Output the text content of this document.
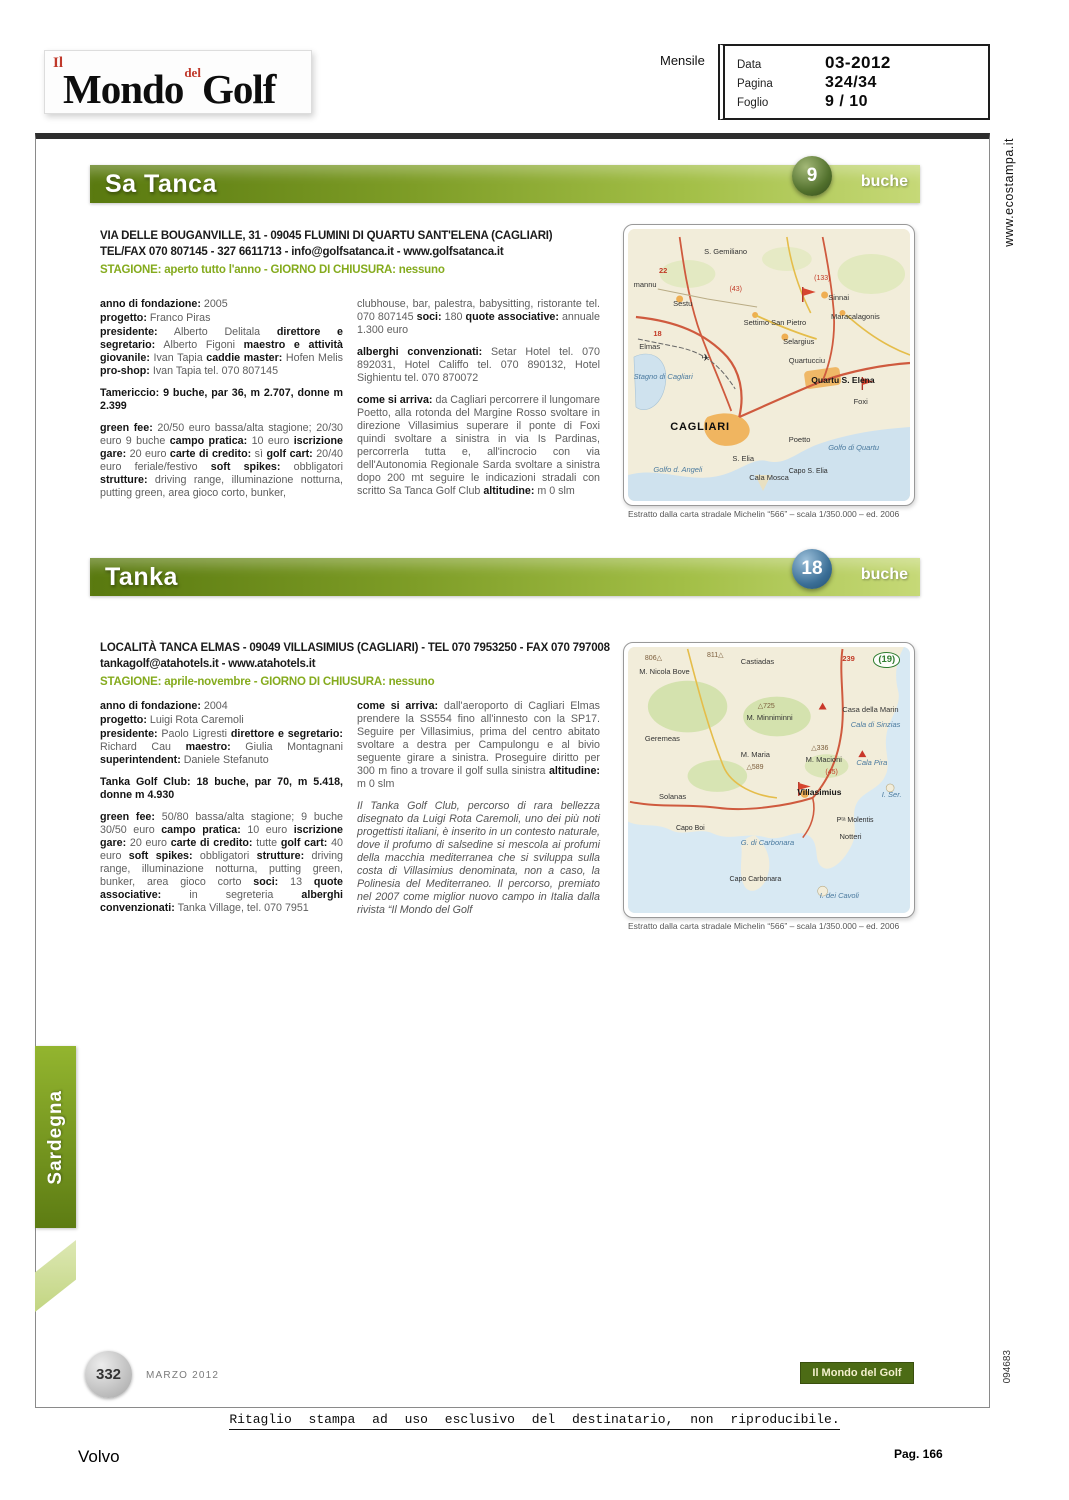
Il
Mondo del Golf
Mensile	Data	03-2012
Pagina	324/34
Foglio	9 / 10
www.ecostampa.it
094683
Sa Tanca	9	buche
VIA DELLE BOUGANVILLE, 31 - 09045 FLUMINI DI QUARTU SANT'ELENA (CAGLIARI)
TEL/FAX 070 807145 - 327 6611713 - info@golfsatanca.it - www.golfsatanca.it
STAGIONE: aperto tutto l'anno - GIORNO DI CHIUSURA: nessuno

anno di fondazione: 2005

progetto: Franco Piras

presidente: Alberto Delitala direttore e segretario: Alberto Figoni maestro e attività giovanile: Ivan Tapia caddie master: Hofen Melis pro-shop: Ivan Tapia tel. 070 807145

Tamericcio: 9 buche, par 36, m 2.707, donne m 2.399

green fee: 20/50 euro bassa/alta stagione; 20/30 euro 9 buche campo pratica: 10 euro iscrizione gare: 20 euro carte di credito: sì golf cart: 20/40 euro feriale/festivo soft spikes: obbligatori strutture: driving range, illuminazione notturna, putting green, area gioco corto, bunker,

clubhouse, bar, palestra, babysitting, ristorante tel. 070 807145 soci: 180 quote associative: annuale 1.300 euro

alberghi convenzionati: Setar Hotel tel. 070 892031, Hotel Califfo tel. 070 890132, Hotel Sighientu tel. 070 870072

come si arriva: da Cagliari percorrere il lungomare Poetto, alla rotonda del Margine Rosso svoltare in direzione Villasimius superare il ponte di Foxi quindi svoltare a sinistra in via Is Pardinas, percorrerla tutta e, all'incrocio con via dell'Autonomia Regionale Sarda svoltare a sinistra dopo 200 mt seguire le indicazioni stradali con scritto Sa Tanca Golf Club altitudine: m 0 slm

mannu
22
S. Gemiliano
(43)
Sestu
(133)
Sinnai
Maracalagonis
Settimo San Pietro
Selargius
18
Elmas
✈
Stagno di Cagliari
Quartucciu
Quartu S. Elena
Foxi
CAGLIARI
Poetto
Golfo di Quartu
S. Elia
Golfo d. Angeli
Cala Mosca
Capo S. Elia
Estratto dalla carta stradale Michelin “566” – scala 1/350.000 – ed. 2006
Tanka	18	buche
LOCALITÀ TANCA ELMAS - 09049 VILLASIMIUS (CAGLIARI) - TEL 070 7953250 - FAX 070 797008
tankagolf@atahotels.it - www.atahotels.it
STAGIONE: aprile-novembre - GIORNO DI CHIUSURA: nessuno

anno di fondazione: 2004

progetto: Luigi Rota Caremoli

presidente: Paolo Ligresti direttore e segretario: Richard Cau maestro: Giulia Montagnani superintendent: Daniele Stefanuto

Tanka Golf Club: 18 buche, par 70, m 5.418, donne m 4.930

green fee: 50/80 bassa/alta stagione; 9 buche 30/50 euro campo pratica: 10 euro iscrizione gare: 20 euro carte di credito: tutte golf cart: 40 euro soft spikes: obbligatori strutture: driving range, illuminazione notturna, putting green, bunker, area gioco corto soci: 13 quote associative: in segreteria alberghi convenzionati: Tanka Village, tel. 070 7951

come si arriva: dall'aeroporto di Cagliari Elmas prendere la SS554 fino all'innesto con la SP17. Seguire per Villasimius, prima del centro abitato svoltare a destra per Campulongu e al bivio seguente girare a sinistra. Proseguire diritto per 300 m fino a trovare il golf sulla sinistra altitudine: m 0 slm

Il Tanka Golf Club, percorso di rara bellezza disegnato da Luigi Rota Caremoli, uno dei più noti progettisti italiani, è inserito in un contesto naturale, dove il profumo di salsedine si mescola ai profumi della macchia mediterranea che si sviluppa sulla costa di Villasimius denominata, non a caso, la Polinesia del Mediterraneo. Il percorso, premiato nel 2007 come miglior nuovo campo in Italia dalla rivista “Il Mondo del Golf

(19)
806△	811△
Castiadas	239
M. Nicola Bove
△725
M. Minniminni
Casa della Marin
Cala di Sinzias
Geremeas
M. Maria
△589
△336
M. Macioni Cala Pira
(45)
Villasimius
Solanas	I. Ser.
Capo Boi
G. di Carbonara
Pᵗᵃ Molentis
Notteri
Capo Carbonara
I. dei Cavoli
Estratto dalla carta stradale Michelin “566” – scala 1/350.000 – ed. 2006
Sardegna
332	MARZO 2012	Il Mondo del Golf
Ritaglio stampa ad uso esclusivo del destinatario, non riproducibile.
Volvo	Pag. 166
